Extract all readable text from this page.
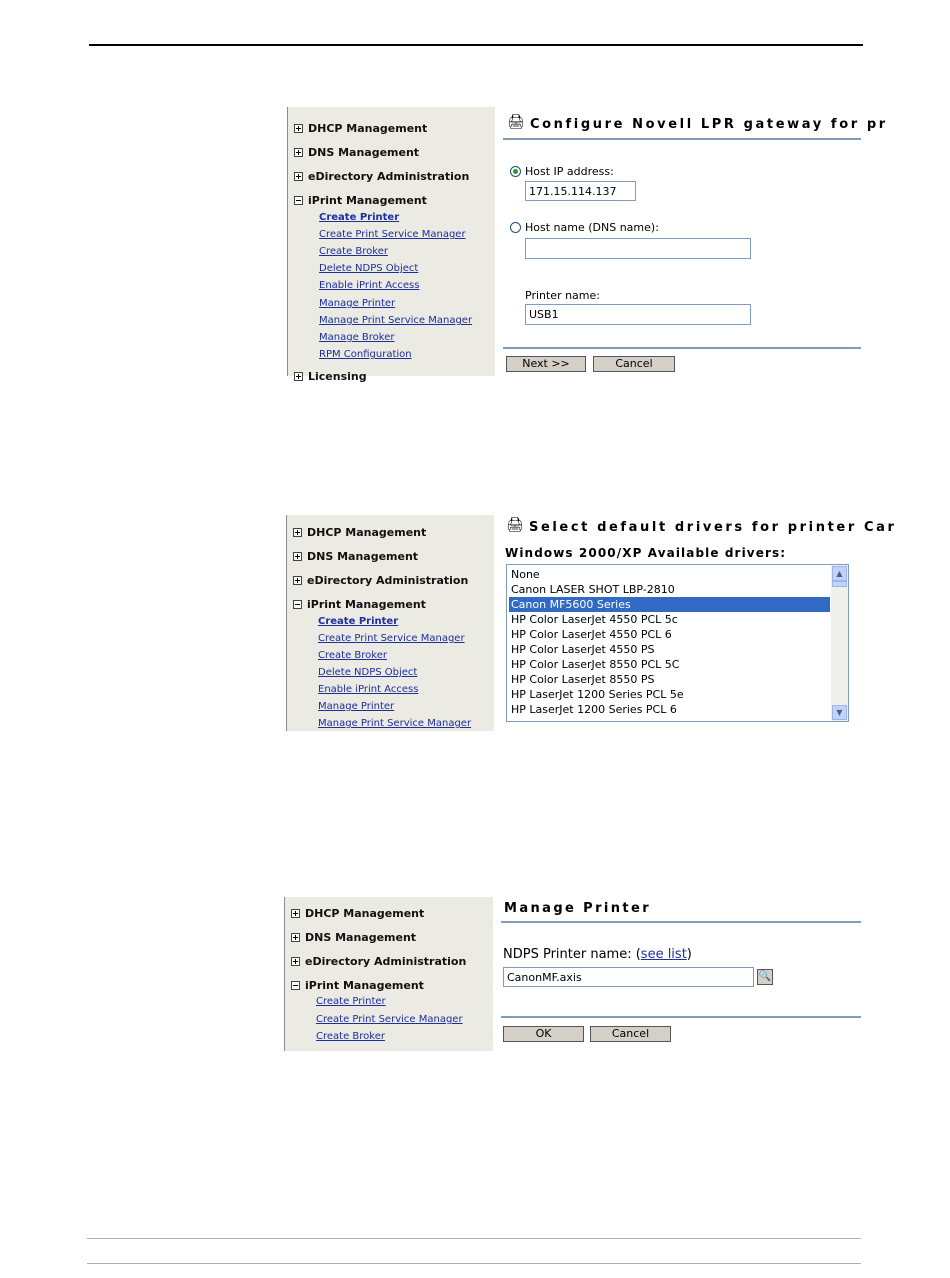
DHCP Management
DNS Management
eDirectory Administration
iPrint Management
Create Printer
Create Print Service Manager
Create Broker
Delete NDPS Object
Enable iPrint Access
Manage Printer
Manage Print Service Manager
Manage Broker
RPM Configuration
Licensing
🖨 Configure Novell LPR gateway for pr
Host IP address:
171.15.114.137
Host name (DNS name):
Printer name:
USB1
Next >>	Cancel
DHCP Management
DNS Management
eDirectory Administration
iPrint Management
Create Printer
Create Print Service Manager
Create Broker
Delete NDPS Object
Enable iPrint Access
Manage Printer
Manage Print Service Manager
🖨 Select default drivers for printer Car
Windows 2000/XP Available drivers:
None
Canon LASER SHOT LBP-2810
Canon MF5600 Series
HP Color LaserJet 4550 PCL 5c
HP Color LaserJet 4550 PCL 6
HP Color LaserJet 4550 PS
HP Color LaserJet 8550 PCL 5C
HP Color LaserJet 8550 PS
HP LaserJet 1200 Series PCL 5e
HP LaserJet 1200 Series PCL 6
▲
▼
DHCP Management
DNS Management
eDirectory Administration
iPrint Management
Create Printer
Create Print Service Manager
Create Broker
Manage Printer
NDPS Printer name: (see list)
CanonMF.axis
🔍
OK	Cancel
